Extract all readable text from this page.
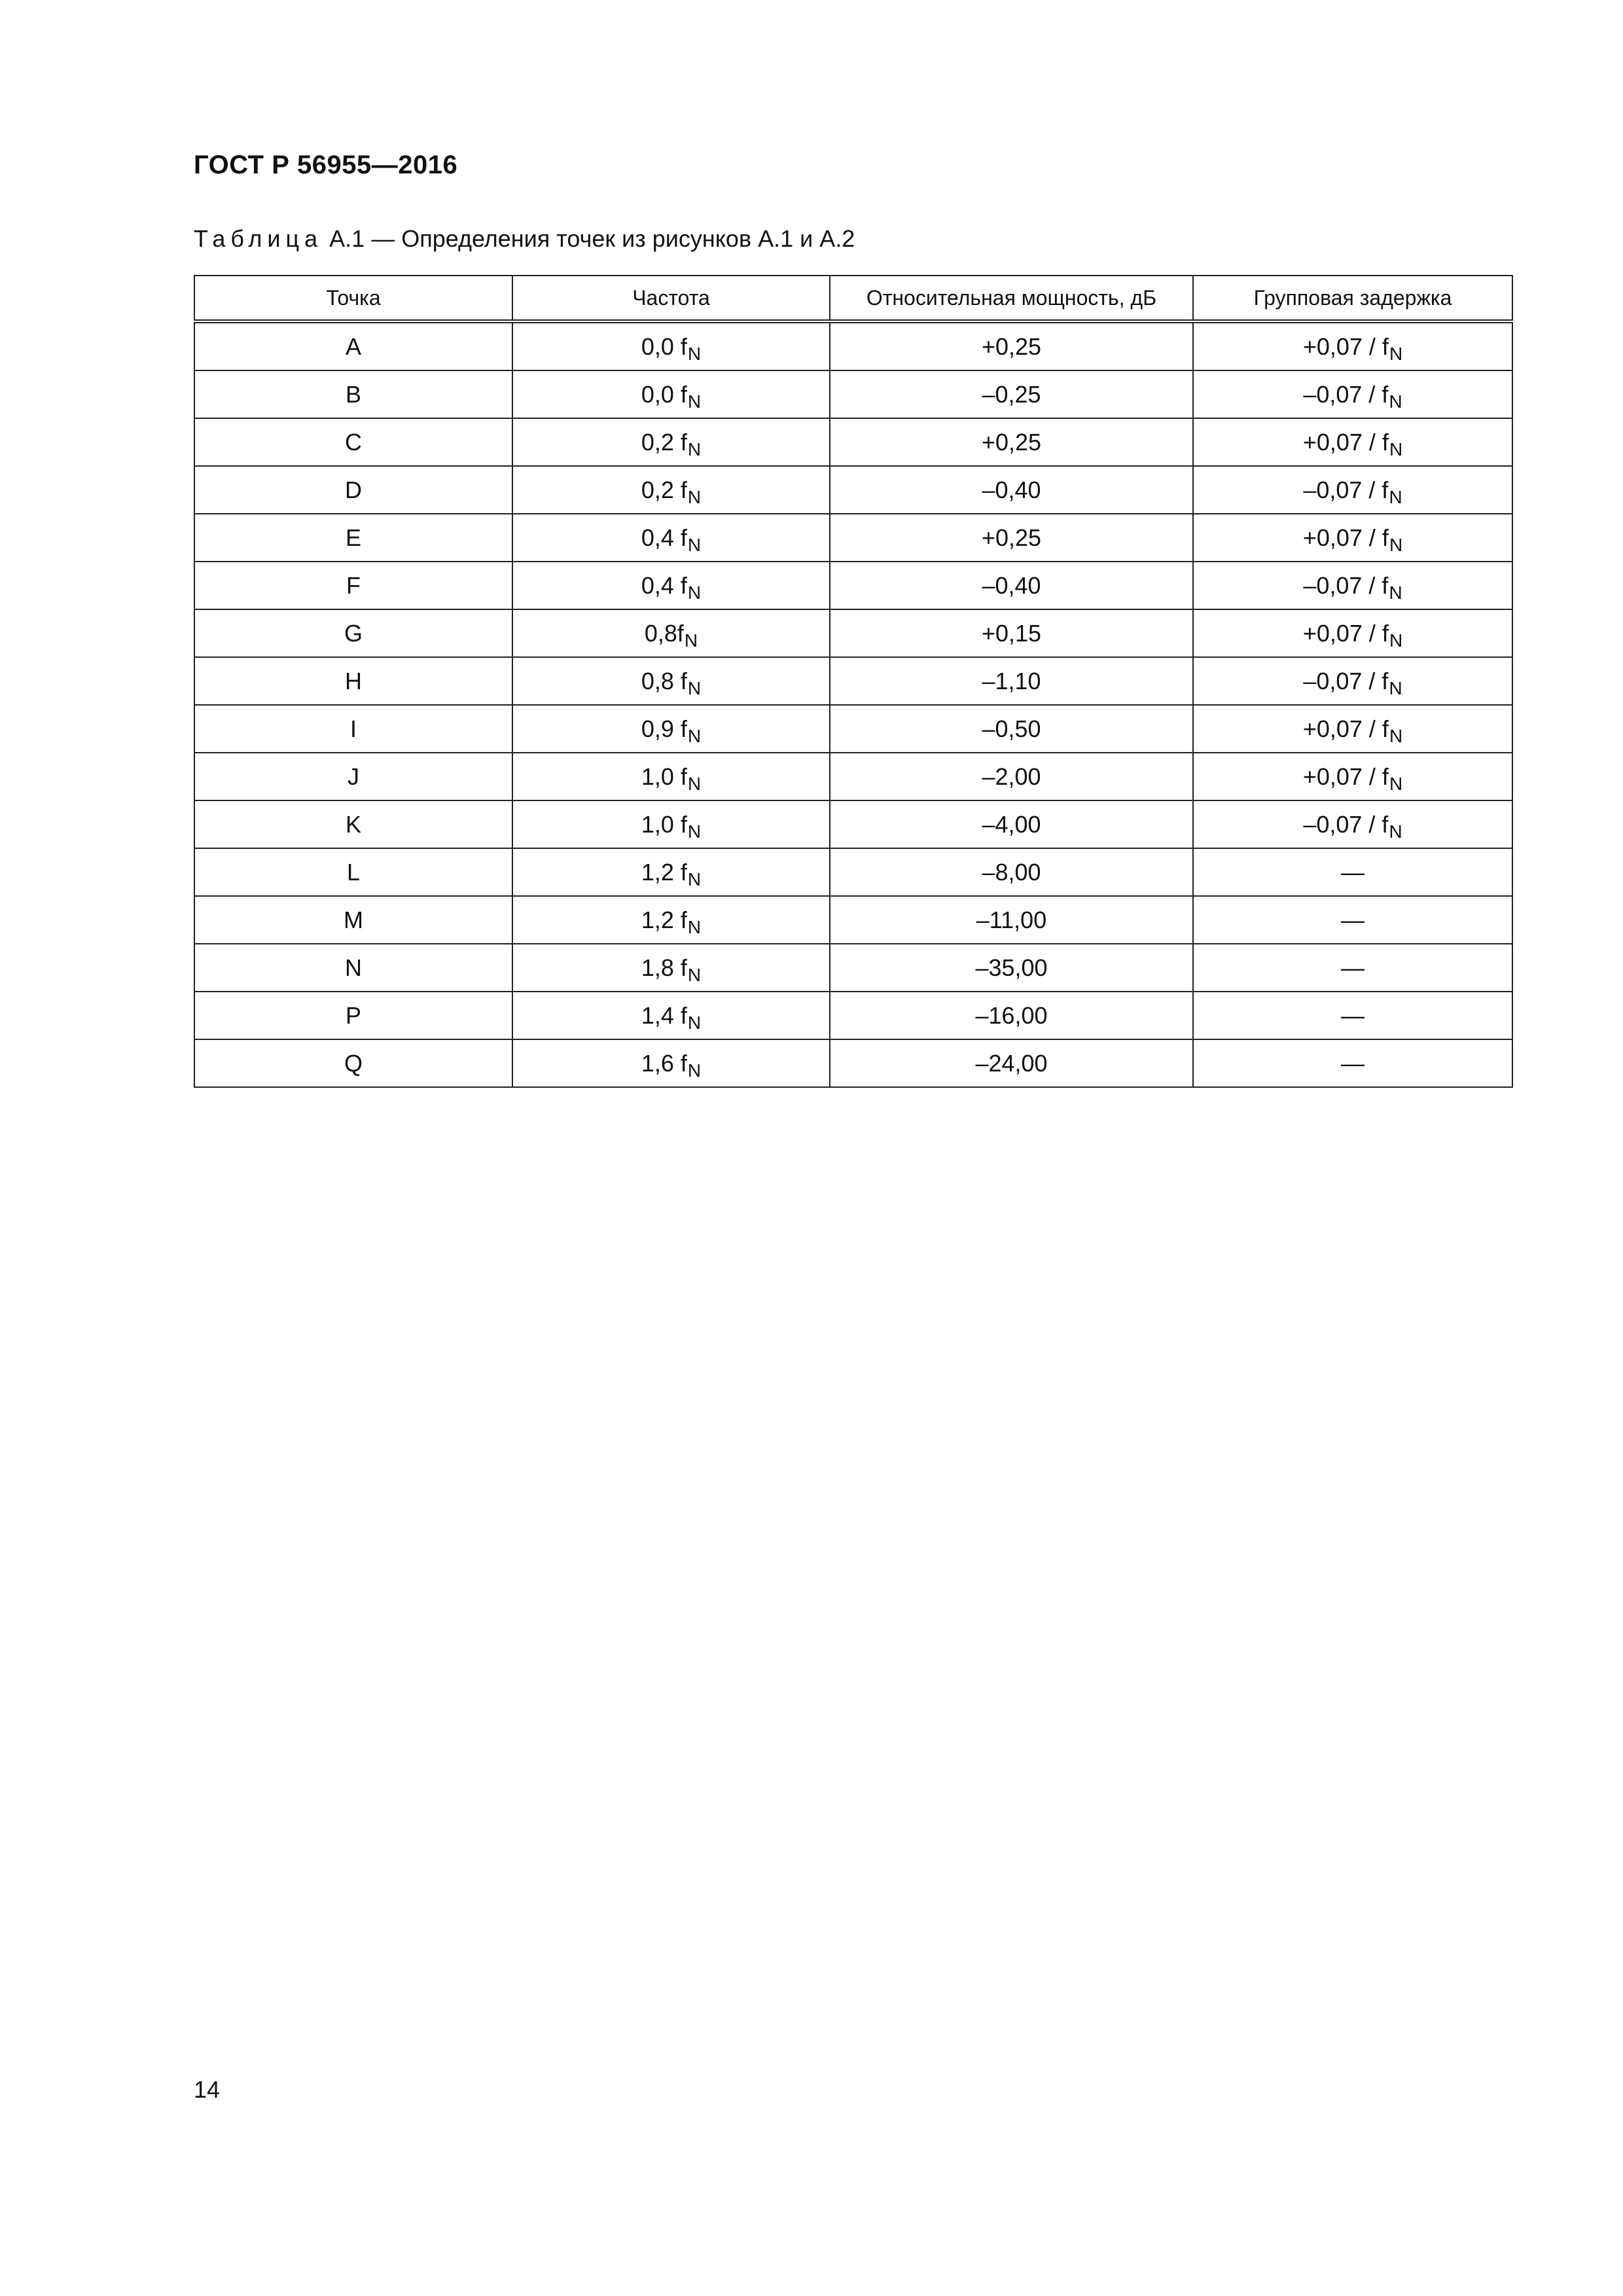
ГОСТ Р 56955—2016
Таблица А.1 — Определения точек из рисунков А.1 и А.2
Точка	Частота	Относительная мощность, дБ	Групповая задержка
A	0,0 $f_N$	+0,25	$+0,07 / f_N$
B	0,0 $f_N$	–0,25	$-0,07 / f_N$
C	0,2 $f_N$	+0,25	$+0,07 / f_N$
D	0,2 $f_N$	–0,40	$-0,07 / f_N$
E	0,4 $f_N$	+0,25	$+0,07 / f_N$
F	0,4 $f_N$	–0,40	$-0,07 / f_N$
G	$0,8f_N$	+0,15	$+0,07 / f_N$
H	0,8 $f_N$	–1,10	$-0,07 / f_N$
I	0,9 $f_N$	–0,50	$+0,07 / f_N$
J	1,0 $f_N$	–2,00	$+0,07 / f_N$
K	1,0 $f_N$	–4,00	$-0,07 / f_N$
L	1,2 $f_N$	–8,00	—
M	1,2 $f_N$	–11,00	—
N	1,8 $f_N$	–35,00	—
P	1,4 $f_N$	–16,00	—
Q	1,6 $f_N$	–24,00	—
14
